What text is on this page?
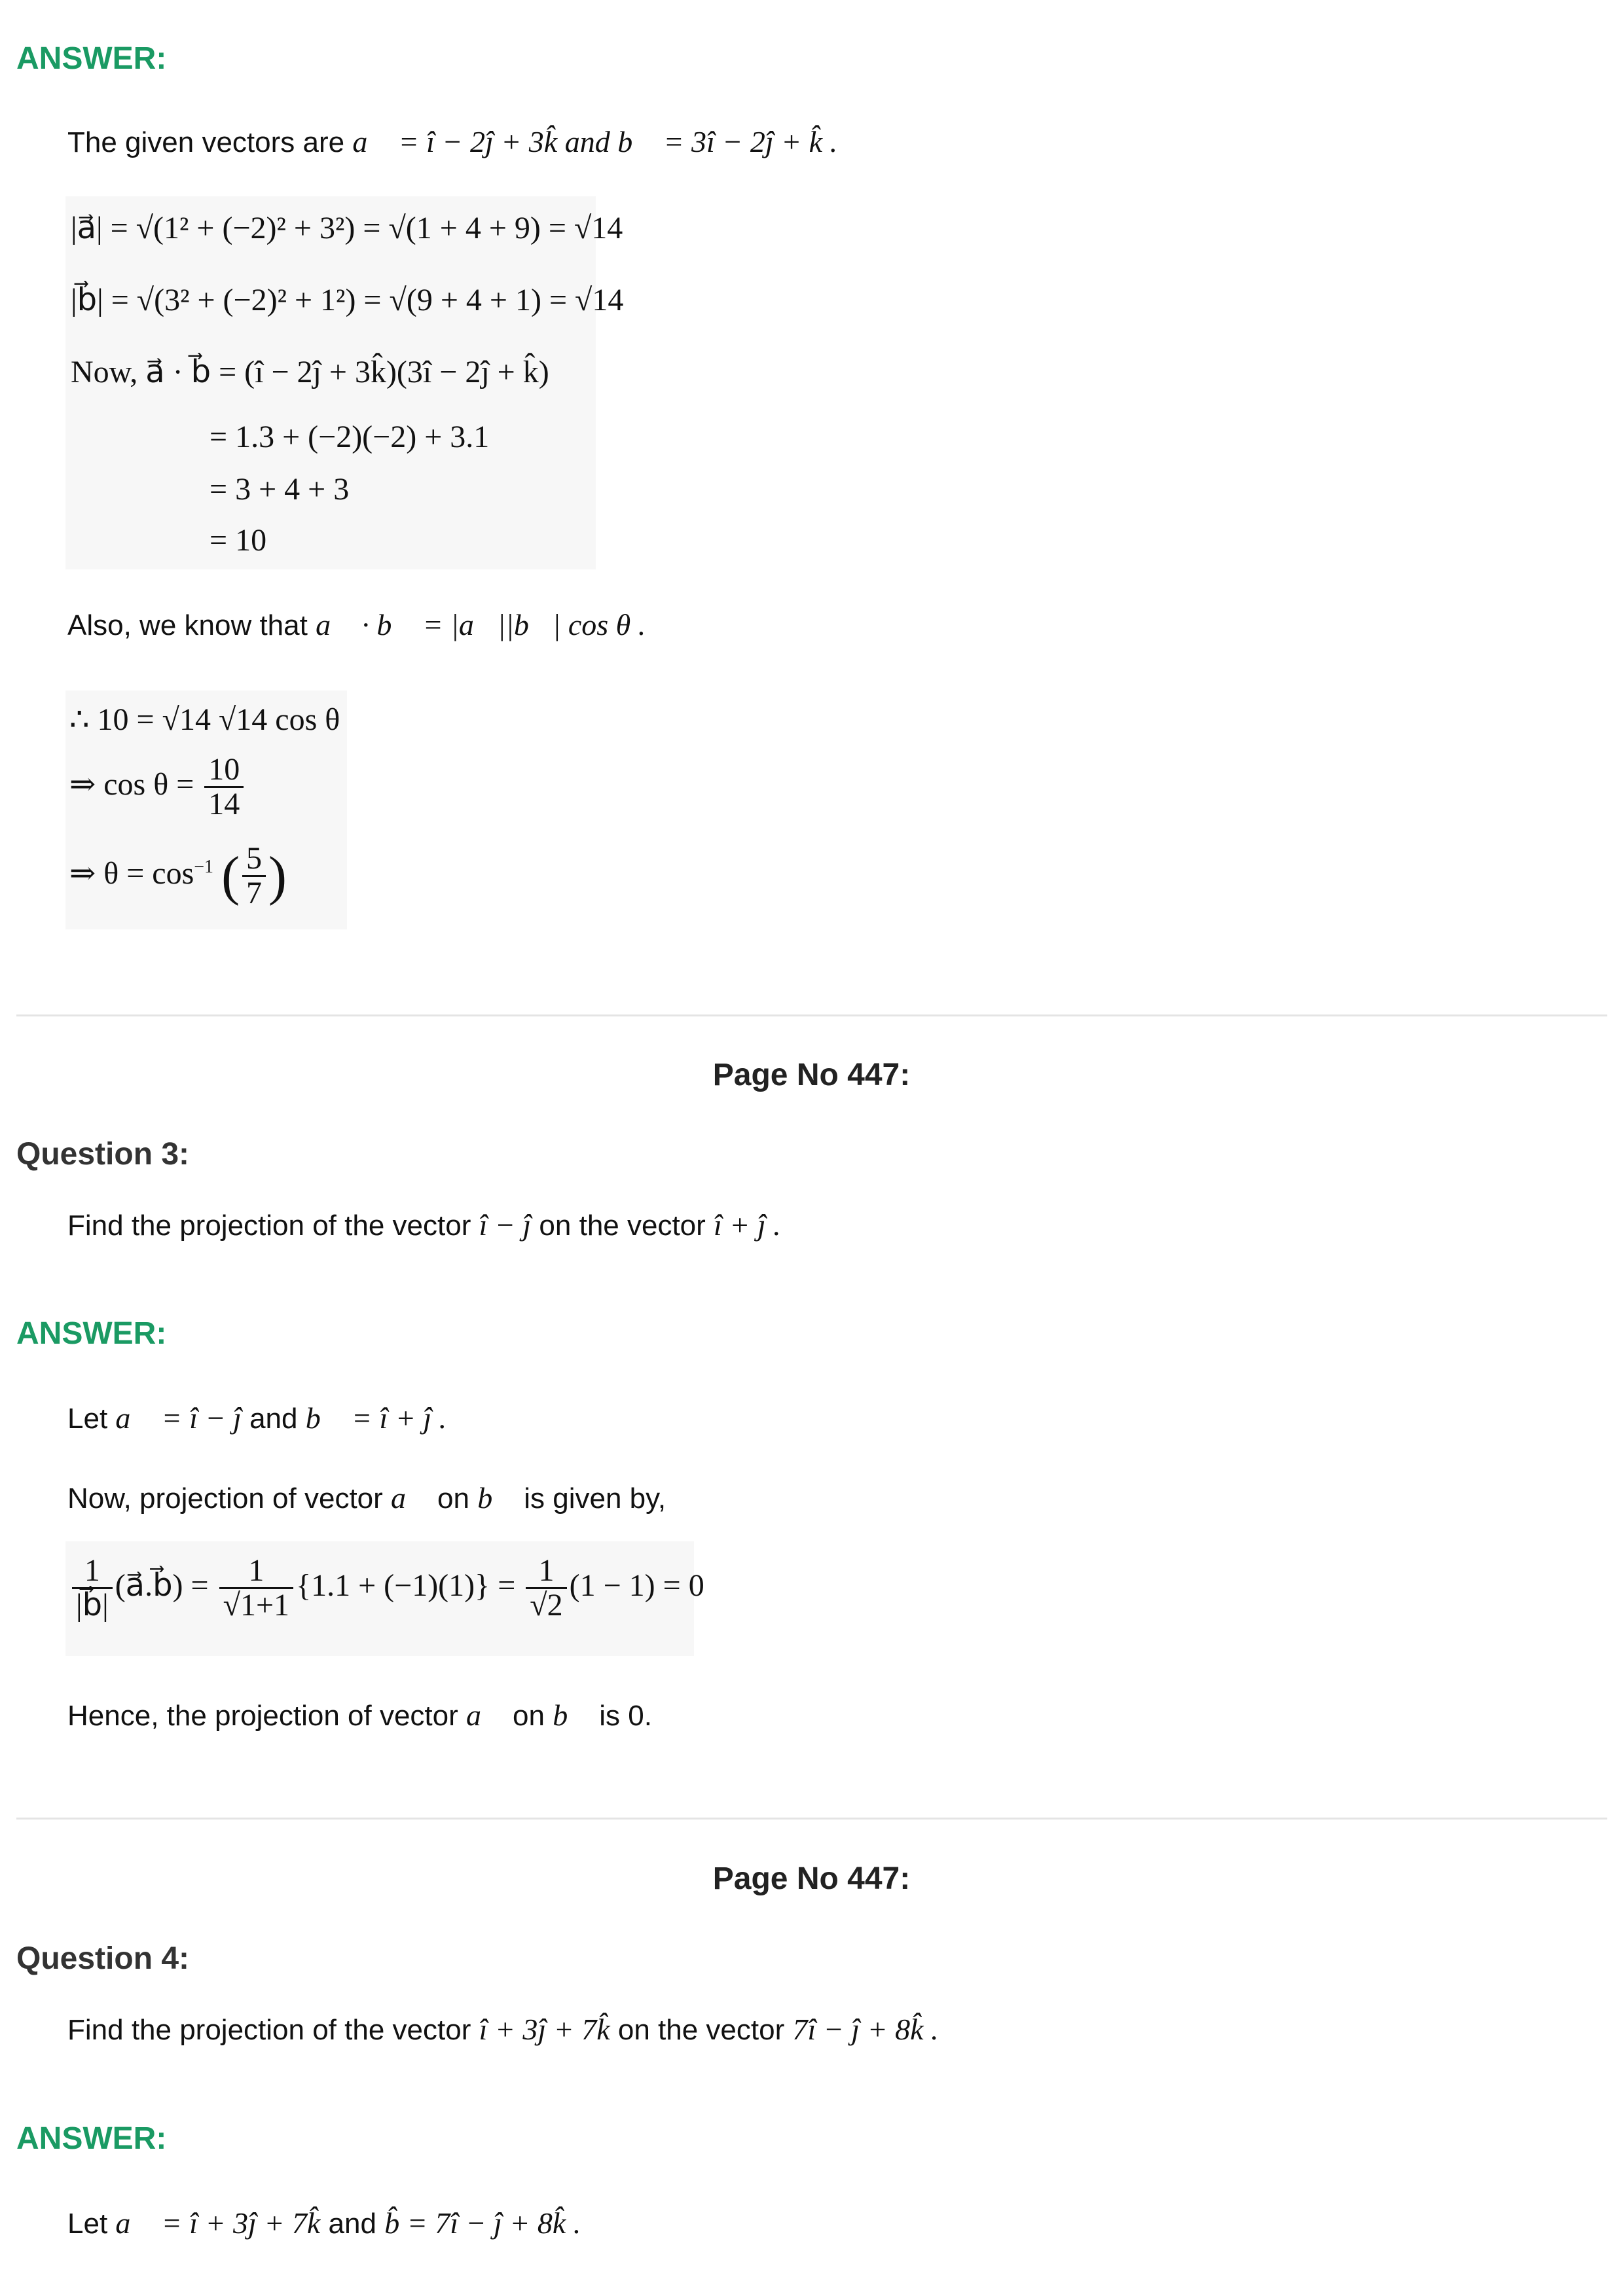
ANSWER:
The given vectors are a⃗ = î − 2ĵ + 3k̂ and b⃗ = 3î − 2ĵ + k̂ .
|a⃗| = √(1² + (−2)² + 3²) = √(1 + 4 + 9) = √14
|b⃗| = √(3² + (−2)² + 1²) = √(9 + 4 + 1) = √14
Now, a⃗ · b⃗ = (î − 2ĵ + 3k̂)(3î − 2ĵ + k̂)
= 1.3 + (−2)(−2) + 3.1
= 3 + 4 + 3
= 10
Also, we know that a⃗ · b⃗ = |a⃗||b⃗| cos θ .
∴ 10 = √14 √14 cos θ
⇒ $\cos \theta = \frac{10}{14}$
⇒ $\theta = \cos^{-1}$ ( $\frac{5}{7}$ )
Page No 447:
Question 3:
Find the projection of the vector î − ĵ on the vector î + ĵ .
ANSWER:
Let a⃗ = î − ĵ and b⃗ = î + ĵ .
Now, projection of vector a⃗ on b⃗ is given by,
$\frac{1}{|b⃗|}$ (a⃗.b⃗) = $\frac{1}{√1+1} \{1.1 + (-1)(1)\} = \frac{1}{√2} (1 - 1) = 0$
Hence, the projection of vector a⃗ on b⃗ is 0.
Page No 447:
Question 4:
Find the projection of the vector î + 3ĵ + 7k̂ on the vector 7î − ĵ + 8k̂ .
ANSWER:
Let a⃗ = î + 3ĵ + 7k̂ and b̂ = 7î − ĵ + 8k̂ .
